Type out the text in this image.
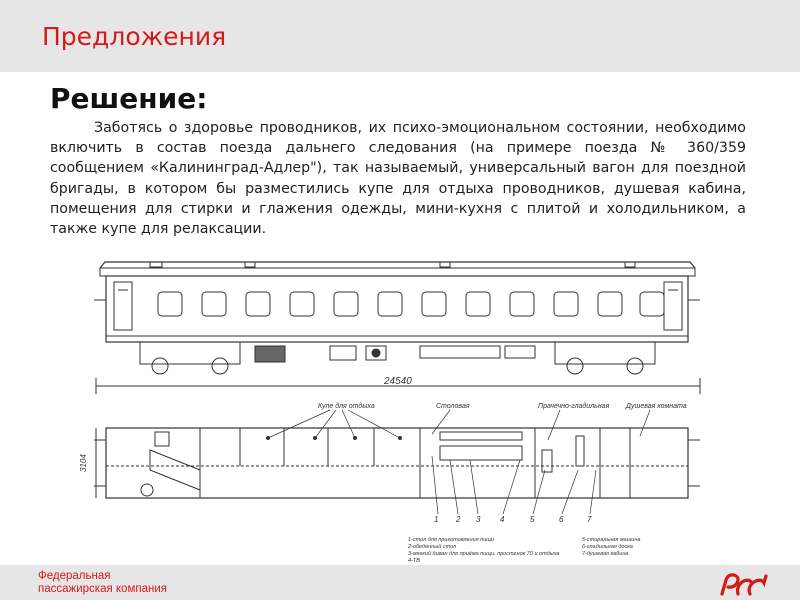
Предложения
Решение:
Заботясь о здоровье проводников, их психо-эмоциональном состоянии, необходимо включить в состав поезда дальнего следования (на примере поезда № 360/359 сообщением «Калининград-Адлер"), так называемый, универсальный вагон для поездной бригады, в котором бы разместились купе для отдыха проводников, душевая кабина, помещения для стирки и глажения одежды, мини-кухня с плитой и холодильником, а также купе для релаксации.
24540
3104
Купе для отдыха	Столовая	Прачечно-гладильная Душевая комната
1 2 3 4	5	6	7
1-стол для приготовления пищи
2-обеденный стол
3-мягкий диван для приёма пищи, простенок 70 и отдыха
4-ТВ
5-стиральная машина
6-гладильная доска
7-душевая кабина
Федеральная
пассажирская компания
